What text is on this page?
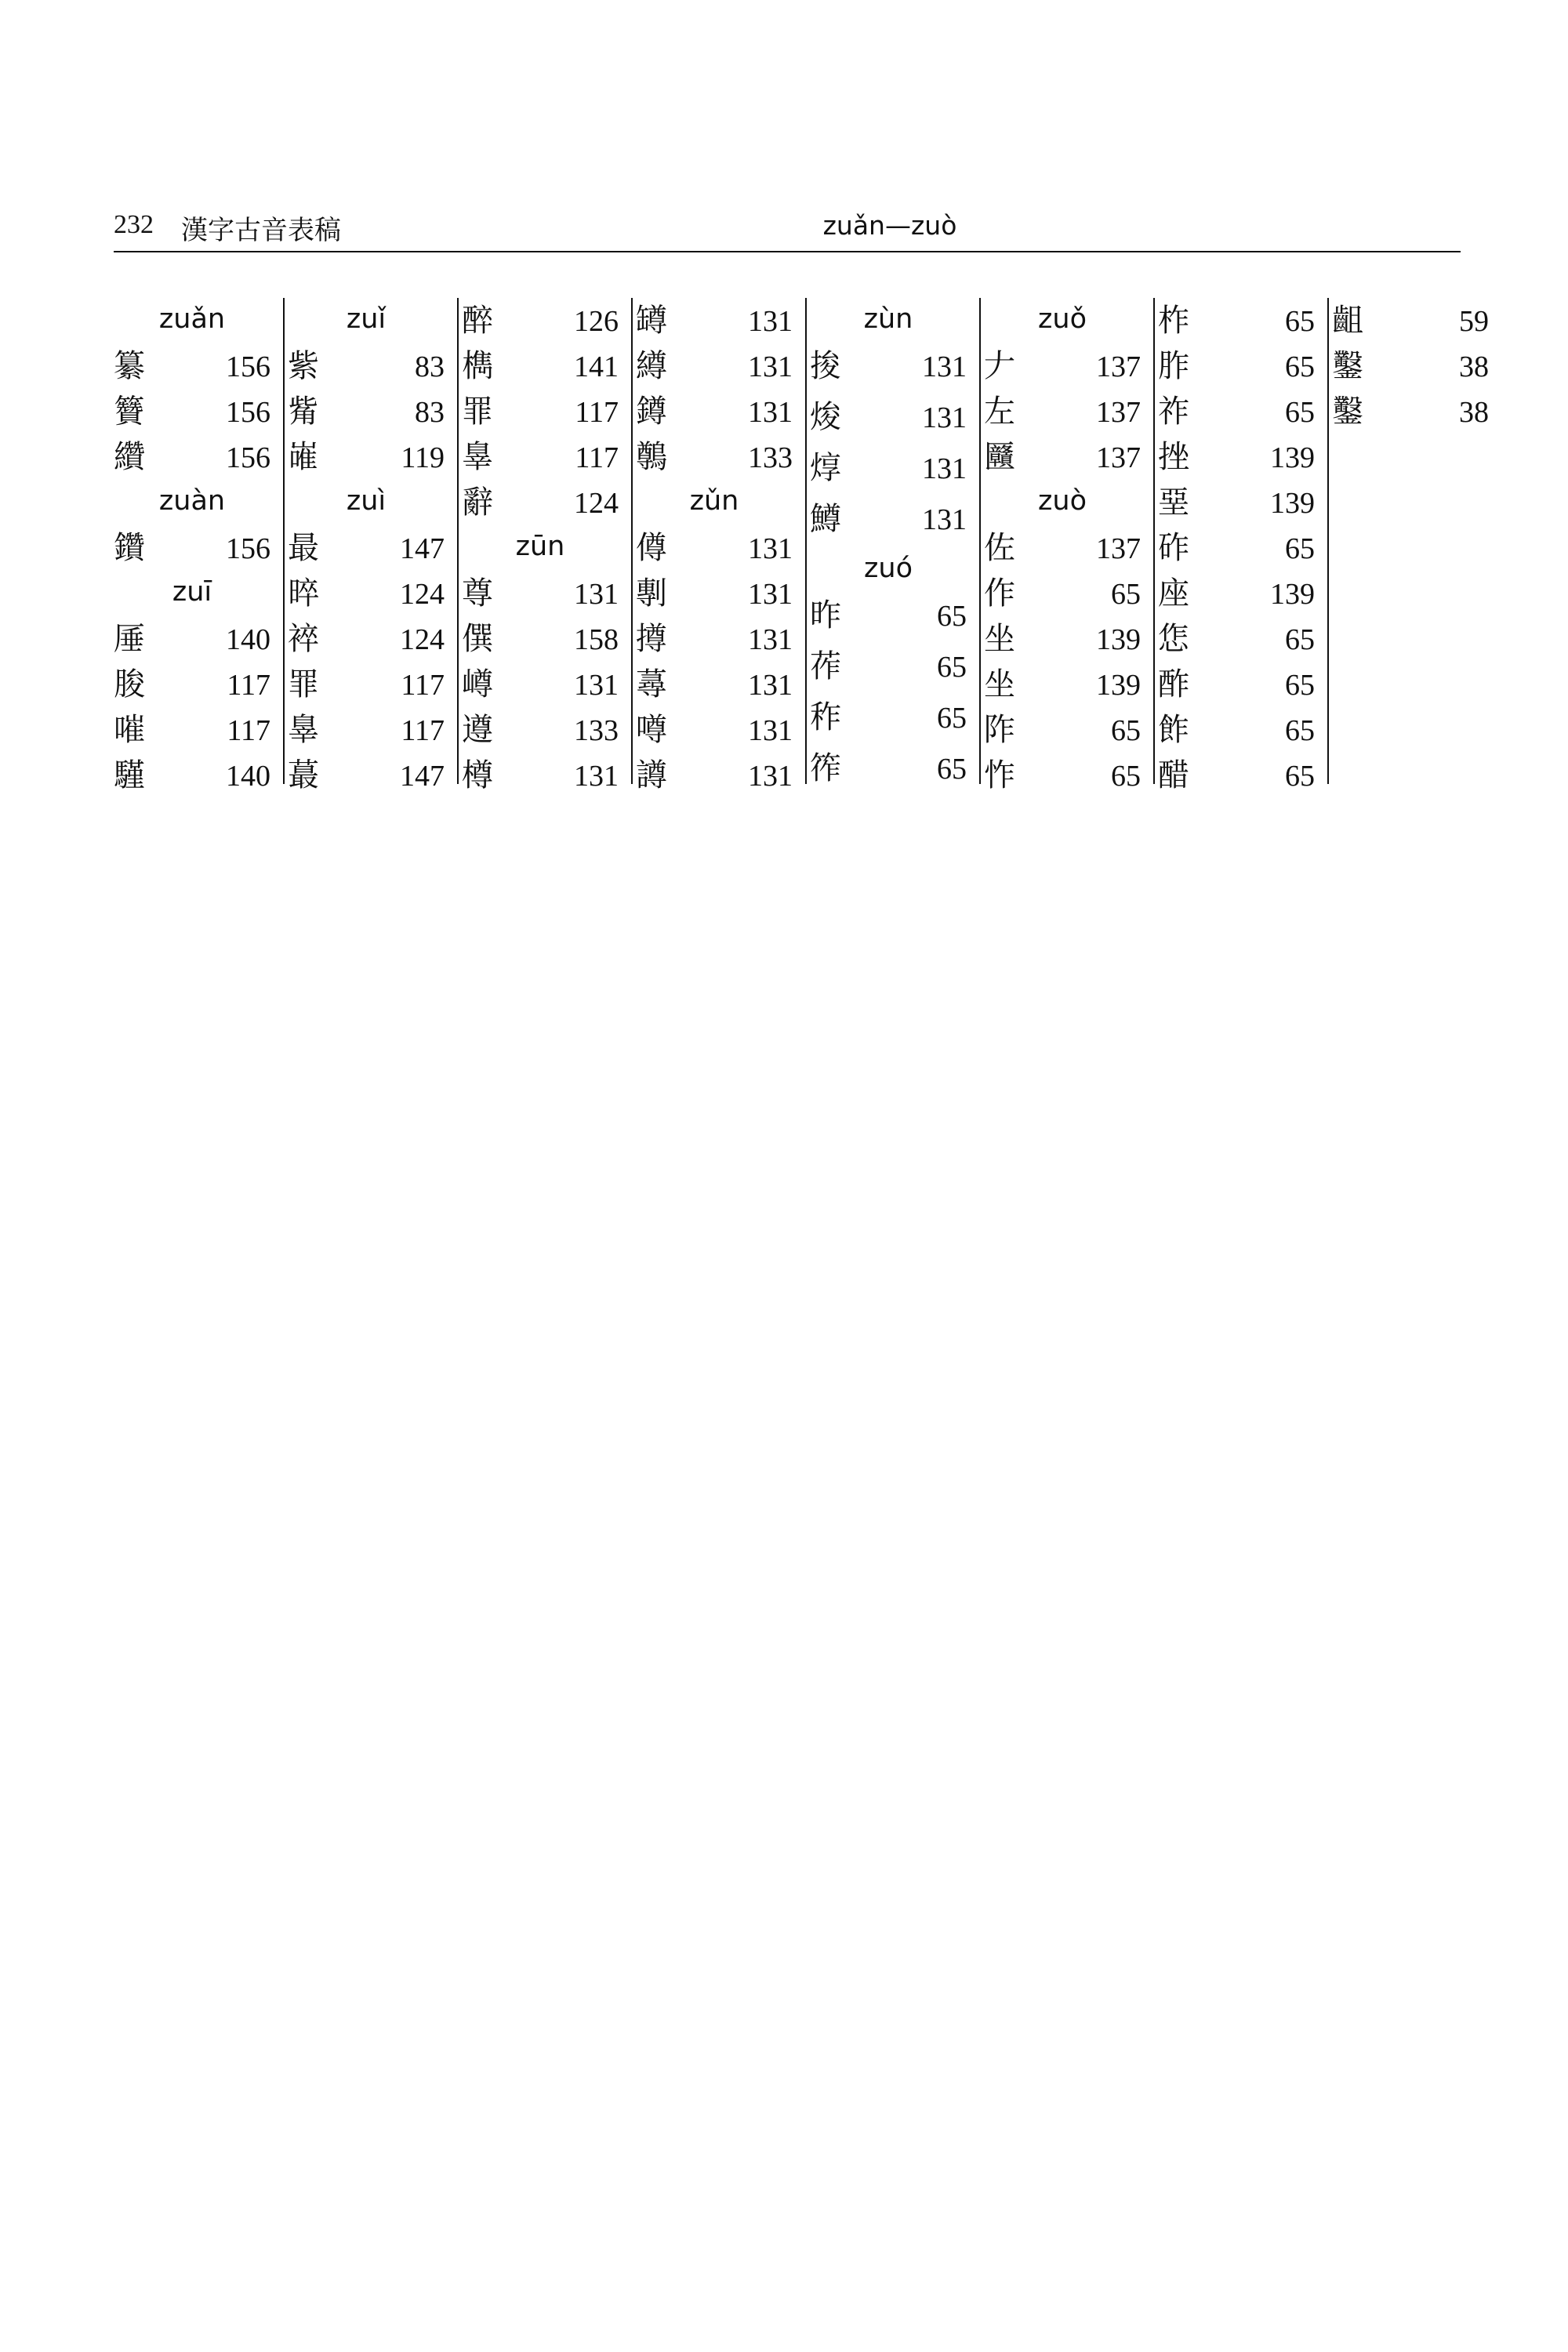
232 漢字古音表稿	zuǎn—zuò
zuǎn
纂	156
籫	156
纘	156
zuàn
鑽	156
zuī
厜	140
朘	117
嗺	117
騹	140
zuǐ
紫	83
觜	83
嶉	119
zuì
最	147
晬	124
䘹	124
罪	117
辠	117
蕞	147
醉	126
檇	141
罪	117
辠	117
辭	124
zūn
尊	131
僎	158
嶟	131
遵	133
樽	131
罇	131
繜	131
鐏	131
鷷	133
zǔn
僔	131
剸	131
撙	131
蕁	131
噂	131
譐	131
zùn
捘	131
焌	131
焞	131
鱒	131
zuó
昨	65
莋	65
秨	65
筰	65
zuǒ
𠂇	137
左	137
㔶	137
zuò
佐	137
作	65
坐	139
坐	139
阼	65
怍	65
柞	65
胙	65
祚	65
挫	139
堊	139
砟	65
座	139
㤰	65
酢	65
飵	65
醋	65
齟	59
鑿	38
鑿	38
